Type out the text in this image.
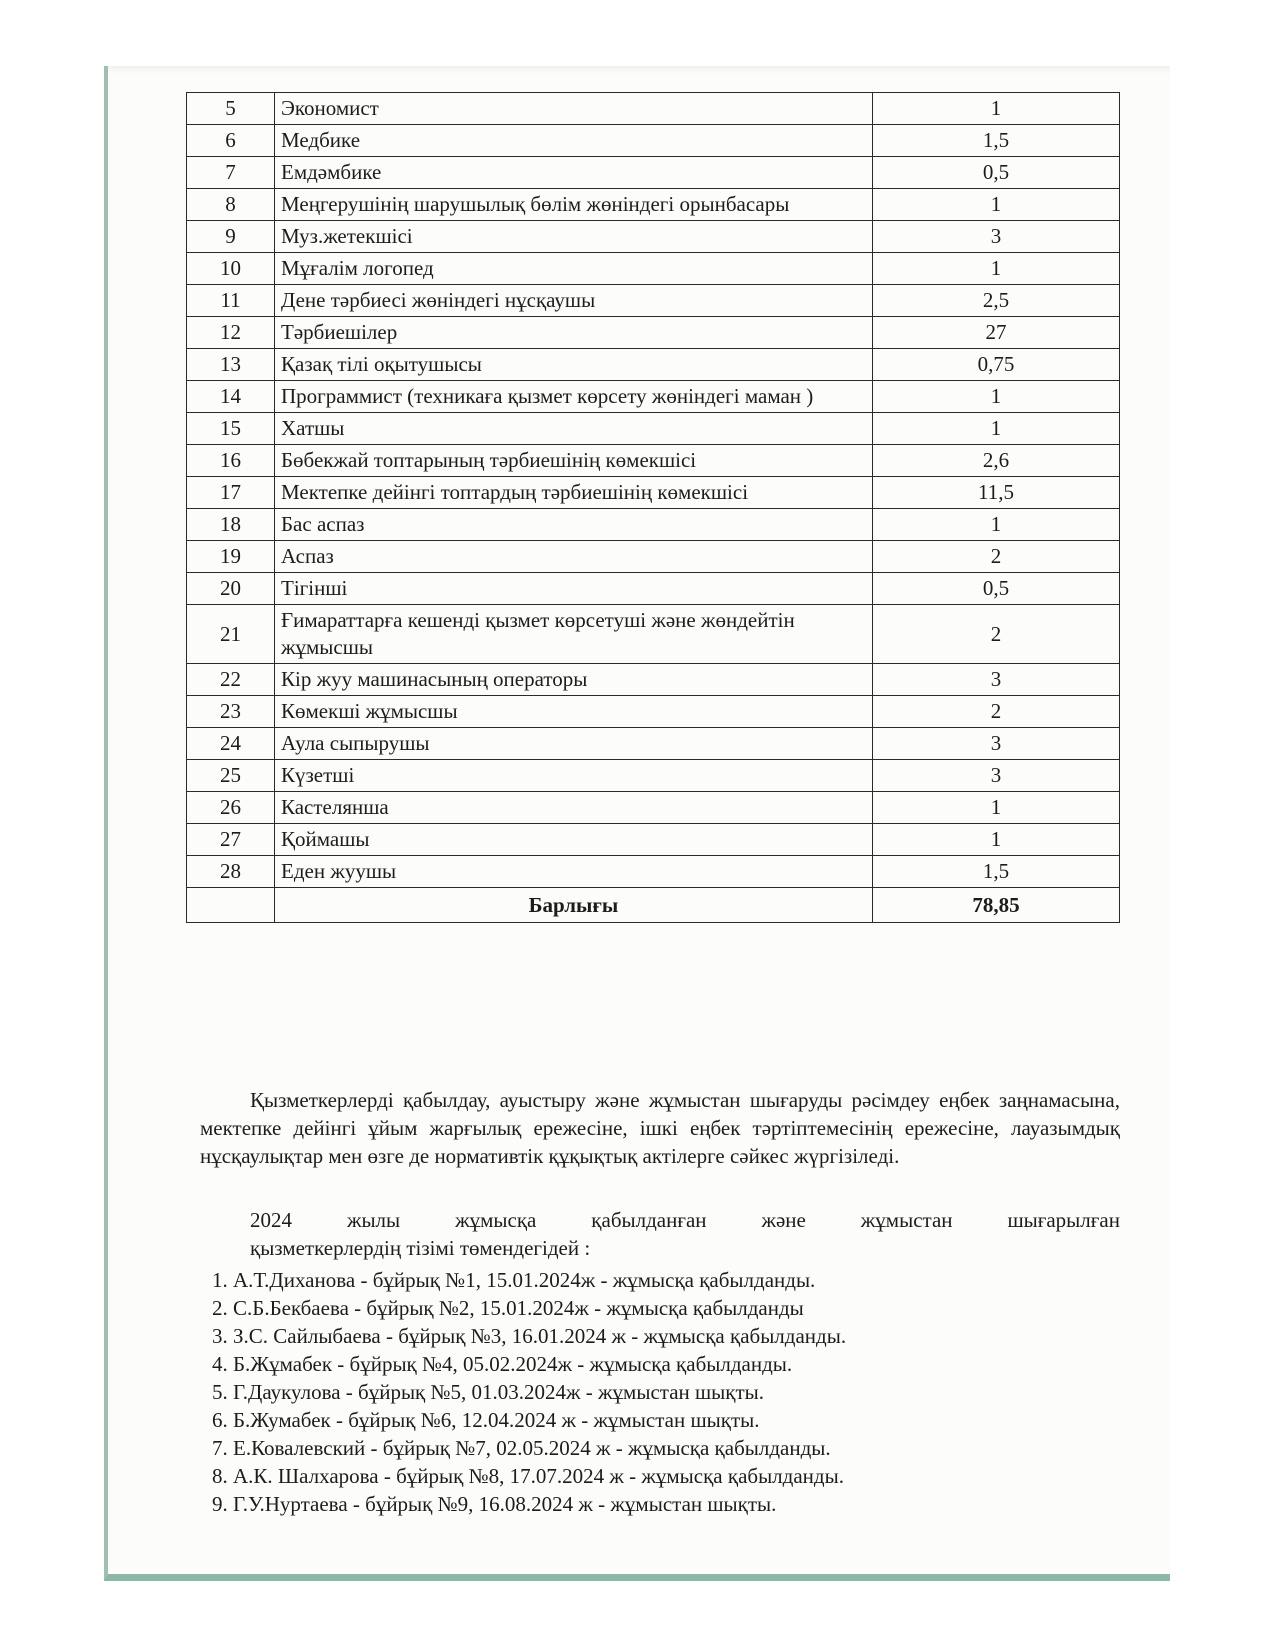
5	Экономист	1
6	Медбике	1,5
7	Емдәмбике	0,5
8	Меңгерушінің шарушылық бөлім жөніндегі орынбасары	1
9	Муз.жетекшісі	3
10	Мұғалім логопед	1
11	Дене тәрбиесі жөніндегі нұсқаушы	2,5
12	Тәрбиешілер	27
13	Қазақ тілі оқытушысы	0,75
14	Программист (техникаға қызмет көрсету жөніндегі маман )	1
15	Хатшы	1
16	Бөбекжай топтарының тәрбиешінің көмекшісі	2,6
17	Мектепке дейінгі топтардың тәрбиешінің көмекшісі	11,5
18	Бас аспаз	1
19	Аспаз	2
20	Тігінші	0,5
21	Ғимараттарға кешенді қызмет көрсетуші және жөндейтін жұмысшы	2
22	Кір жуу машинасының операторы	3
23	Көмекші жұмысшы	2
24	Аула сыпырушы	3
25	Күзетші	3
26	Кастелянша	1
27	Қоймашы	1
28	Еден жуушы	1,5
	Барлығы	78,85
Қызметкерлерді қабылдау, ауыстыру және жұмыстан шығаруды рәсімдеу еңбек заңнамасына, мектепке дейінгі ұйым жарғылық ережесіне, ішкі еңбек тәртіптемесінің ережесіне, лауазымдық нұсқаулықтар мен өзге де нормативтік құқықтық актілерге сәйкес жүргізіледі.
2024	жылы	жұмысқа	қабылданған	және	жұмыстан	шығарылған
қызметкерлердің тізімі төмендегідей :
1. А.Т.Диханова - бұйрық №1, 15.01.2024ж - жұмысқа қабылданды.
2. С.Б.Бекбаева - бұйрық №2, 15.01.2024ж - жұмысқа қабылданды
3. З.С. Сайлыбаева - бұйрық №3, 16.01.2024 ж - жұмысқа қабылданды.
4. Б.Жұмабек - бұйрық №4, 05.02.2024ж - жұмысқа қабылданды.
5. Г.Даукулова - бұйрық №5, 01.03.2024ж - жұмыстан шықты.
6. Б.Жумабек - бұйрық №6, 12.04.2024 ж - жұмыстан шықты.
7. Е.Ковалевский - бұйрық №7, 02.05.2024 ж - жұмысқа қабылданды.
8. А.К. Шалхарова - бұйрық №8, 17.07.2024 ж - жұмысқа қабылданды.
9. Г.У.Нуртаева - бұйрық №9, 16.08.2024 ж - жұмыстан шықты.
